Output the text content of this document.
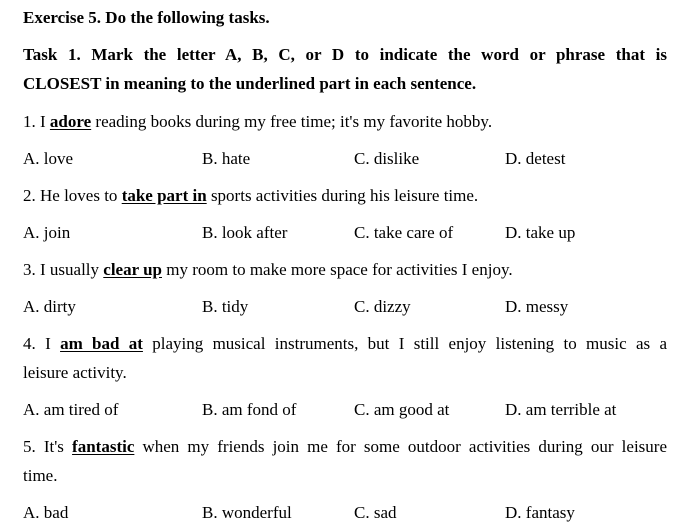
Exercise 5. Do the following tasks.
Task 1. Mark the letter A, B, C, or D to indicate the word or phrase that is
CLOSEST in meaning to the underlined part in each sentence.
1. I adore reading books during my free time; it's my favorite hobby.
A. love	B. hate	C. dislike	D. detest
2. He loves to take part in sports activities during his leisure time.
A. join	B. look after	C. take care of	D. take up
3. I usually clear up my room to make more space for activities I enjoy.
A. dirty	B. tidy	C. dizzy	D. messy
4. I am bad at playing musical instruments, but I still enjoy listening to music as a
leisure activity.
A. am tired of	B. am fond of	C. am good at	D. am terrible at
5. It's fantastic when my friends join me for some outdoor activities during our leisure
time.
A. bad	B. wonderful	C. sad	D. fantasy
